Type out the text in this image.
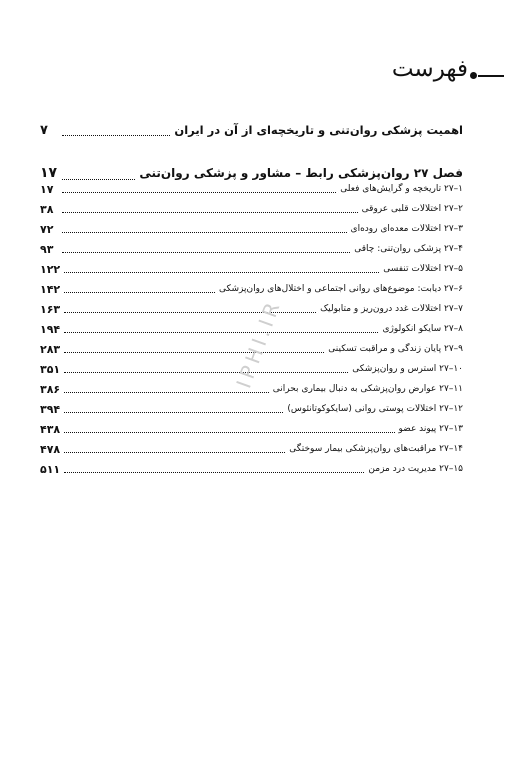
فهرست
اهمیت پزشکی روان‌تنی و تاریخچه‌ای از آن در ایران
۷
فصل ۲۷ روان‌پزشکی رابط – مشاور و پزشکی روان‌تنی
۱۷
۱–۲۷ تاریخچه و گرایش‌های فعلی
۱۷
۲–۲۷ اختلالات قلبی عروقی
۳۸
۳–۲۷ اختلالات معده‌ای روده‌ای
۷۲
۴–۲۷ پزشکی روان‌تنی: چاقی
۹۳
۵–۲۷ اختلالات تنفسی
۱۲۲
۶–۲۷ دیابت: موضوع‌های روانی اجتماعی و اختلال‌های روان‌پزشکی
۱۴۲
۷–۲۷ اختلالات غدد درون‌ریز و متابولیک
۱۶۳
۸–۲۷ سایکو انکولوژی
۱۹۴
۹–۲۷ پایان زندگی و مراقبت تسکینی
۲۸۳
۱۰–۲۷ استرس و روان‌پزشکی
۳۵۱
۱۱–۲۷ عوارض روان‌پزشکی به دنبال بیماری بحرانی
۳۸۶
۱۲–۲۷ اختلالات پوستی روانی (سایکوکوتانئوس)
۳۹۴
۱۳–۲۷ پیوند عضو
۴۳۸
۱۴–۲۷ مراقبت‌های روان‌پزشکی بیمار سوختگی
۴۷۸
۱۵–۲۷ مدیریت درد مزمن
۵۱۱
IPHI.IR
